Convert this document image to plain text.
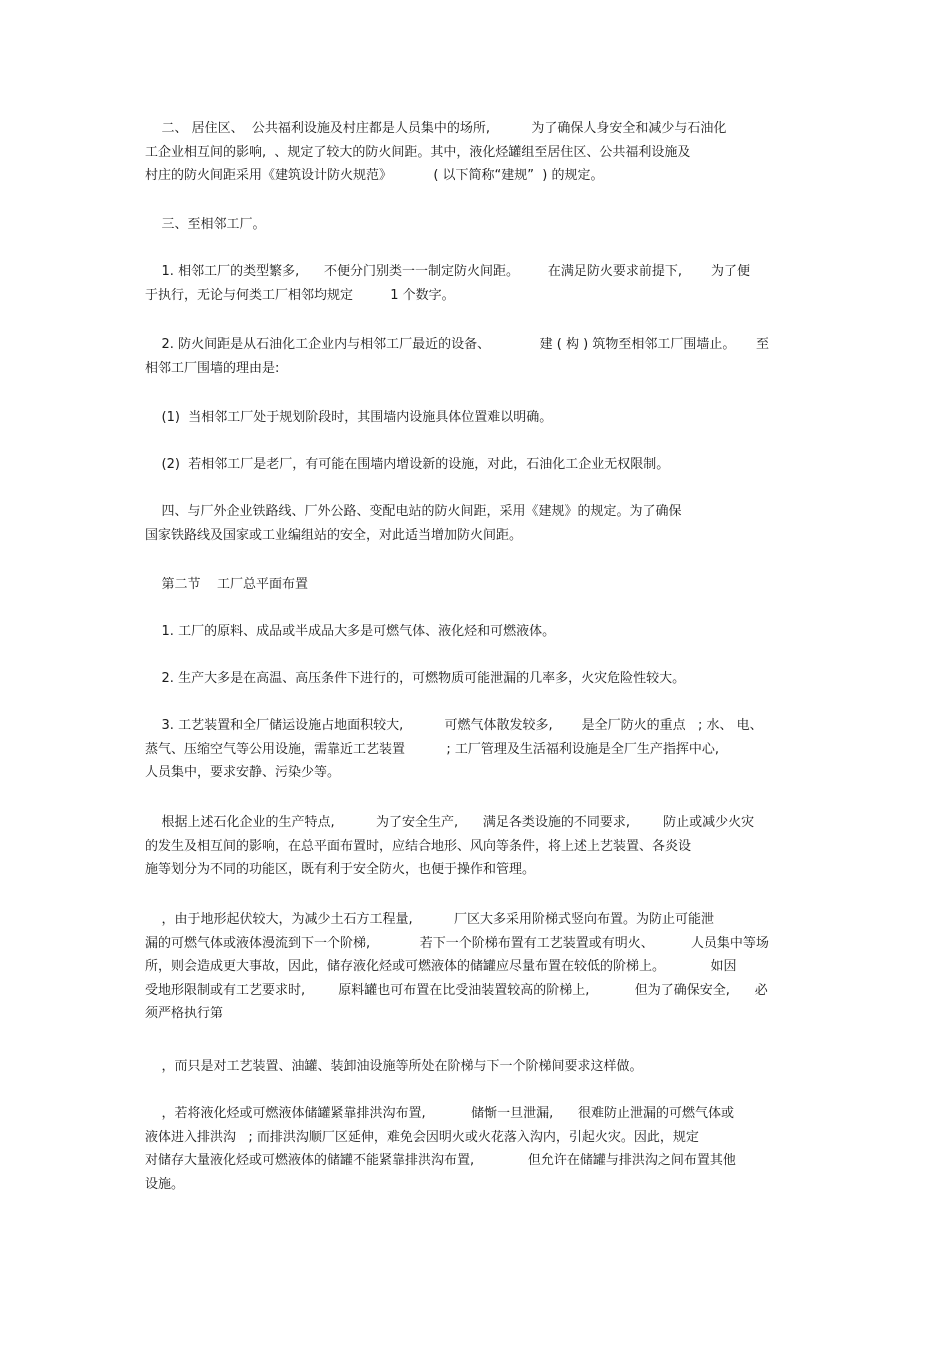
二、 居住区、  公共福利设施及村庄都是人员集中的场所,          为了确保人身安全和减少与石油化
工企业相互间的影响,  、规定了较大的防火间距。其中，液化烃罐组至居住区、公共福利设施及
村庄的防火间距采用《建筑设计防火规范》          ( 以下简称“建规”  ) 的规定。
三、至相邻工厂。
1. 相邻工厂的类型繁多,      不便分门别类一一制定防火间距。       在满足防火要求前提下,       为了便
于执行，无论与何类工厂相邻均规定         1 个数字。
2. 防火间距是从石油化工企业内与相邻工厂最近的设备、            建 ( 构 ) 筑物至相邻工厂围墙止。     至
相邻工厂围墙的理由是:
(1)  当相邻工厂处于规划阶段时，其围墙内设施具体位置难以明确。
(2)  若相邻工厂是老厂，有可能在围墙内增设新的设施，对此，石油化工企业无权限制。
四、与厂外企业铁路线、厂外公路、变配电站的防火间距，采用《建规》的规定。为了确保
国家铁路线及国家或工业编组站的安全，对此适当增加防火间距。
第二节    工厂总平面布置
1. 工厂的原料、成品或半成品大多是可燃气体、液化烃和可燃液体。
2. 生产大多是在高温、高压条件下进行的，可燃物质可能泄漏的几率多，火灾危险性较大。
3. 工艺装置和全厂储运设施占地面积较大,          可燃气体散发较多,       是全厂防火的重点   ; 水、 电、
蒸气、压缩空气等公用设施，需靠近工艺装置          ; 工厂管理及生活福利设施是全厂生产指挥中心,
人员集中，要求安静、污染少等。
根据上述石化企业的生产特点,          为了安全生产,      满足各类设施的不同要求,        防止或减少火灾
的发生及相互间的影响，在总平面布置时，应结合地形、风向等条件，将上述上艺装置、各炎设
施等划分为不同的功能区，既有利于安全防火，也便于操作和管理。
，由于地形起伏较大，为减少土石方工程量,          厂区大多采用阶梯式竖向布置。为防止可能泄
漏的可燃气体或液体漫流到下一个阶梯,            若下一个阶梯布置有工艺装置或有明火、         人员集中等场
所，则会造成更大事故，因此，储存液化烃或可燃液体的储罐应尽量布置在较低的阶梯上。           如因
受地形限制或有工艺要求时,        原料罐也可布置在比受油装置较高的阶梯上,           但为了确保安全,      必
须严格执行第
，而只是对工艺装置、油罐、装卸油设施等所处在阶梯与下一个阶梯间要求这样做。
，若将液化烃或可燃液体储罐紧靠排洪沟布置,           储惭一旦泄漏,      很难防止泄漏的可燃气体或
液体进入排洪沟   ; 而排洪沟顺厂区延伸，难免会因明火或火花落入沟内，引起火灾。因此，规定
对储存大量液化烃或可燃液体的储罐不能紧靠排洪沟布置,             但允许在储罐与排洪沟之间布置其他
设施。
